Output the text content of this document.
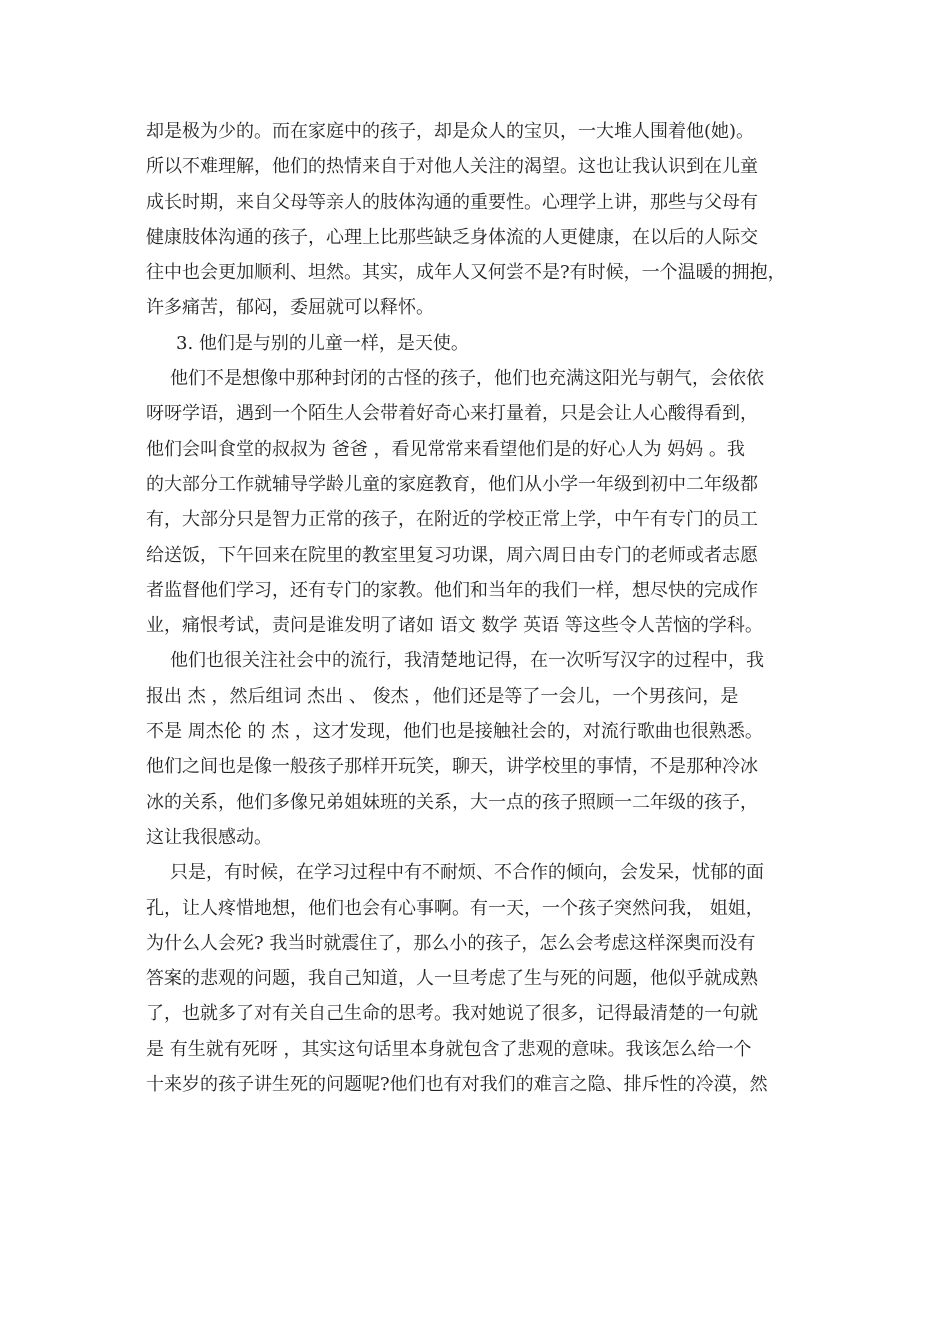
却是极为少的。而在家庭中的孩子，却是众人的宝贝，一大堆人围着他(她)。
所以不难理解，他们的热情来自于对他人关注的渴望。这也让我认识到在儿童
成长时期，来自父母等亲人的肢体沟通的重要性。心理学上讲，那些与父母有
健康肢体沟通的孩子，心理上比那些缺乏身体流的人更健康，在以后的人际交
往中也会更加顺利、坦然。其实，成年人又何尝不是?有时候，一个温暖的拥抱，
许多痛苦，郁闷，委屈就可以释怀。
3. 他们是与别的儿童一样，是天使。
他们不是想像中那种封闭的古怪的孩子，他们也充满这阳光与朝气，会依依
呀呀学语，遇到一个陌生人会带着好奇心来打量着，只是会让人心酸得看到，
他们会叫食堂的叔叔为 爸爸 ，看见常常来看望他们是的好心人为 妈妈 。我
的大部分工作就辅导学龄儿童的家庭教育，他们从小学一年级到初中二年级都
有，大部分只是智力正常的孩子，在附近的学校正常上学，中午有专门的员工
给送饭，下午回来在院里的教室里复习功课，周六周日由专门的老师或者志愿
者监督他们学习，还有专门的家教。他们和当年的我们一样，想尽快的完成作
业，痛恨考试，责问是谁发明了诸如 语文 数学 英语 等这些令人苦恼的学科。
他们也很关注社会中的流行，我清楚地记得，在一次听写汉字的过程中，我
报出 杰 ，然后组词 杰出 、 俊杰 ，他们还是等了一会儿，一个男孩问，是
不是 周杰伦 的 杰 ，这才发现，他们也是接触社会的，对流行歌曲也很熟悉。
他们之间也是像一般孩子那样开玩笑，聊天，讲学校里的事情，不是那种冷冰
冰的关系，他们多像兄弟姐妹班的关系，大一点的孩子照顾一二年级的孩子，
这让我很感动。
只是，有时候，在学习过程中有不耐烦、不合作的倾向，会发呆，忧郁的面
孔，让人疼惜地想，他们也会有心事啊。有一天，一个孩子突然问我， 姐姐，
为什么人会死? 我当时就震住了，那么小的孩子，怎么会考虑这样深奥而没有
答案的悲观的问题，我自己知道，人一旦考虑了生与死的问题，他似乎就成熟
了，也就多了对有关自己生命的思考。我对她说了很多，记得最清楚的一句就
是 有生就有死呀 ，其实这句话里本身就包含了悲观的意味。我该怎么给一个
十来岁的孩子讲生死的问题呢?他们也有对我们的难言之隐、排斥性的冷漠，然
